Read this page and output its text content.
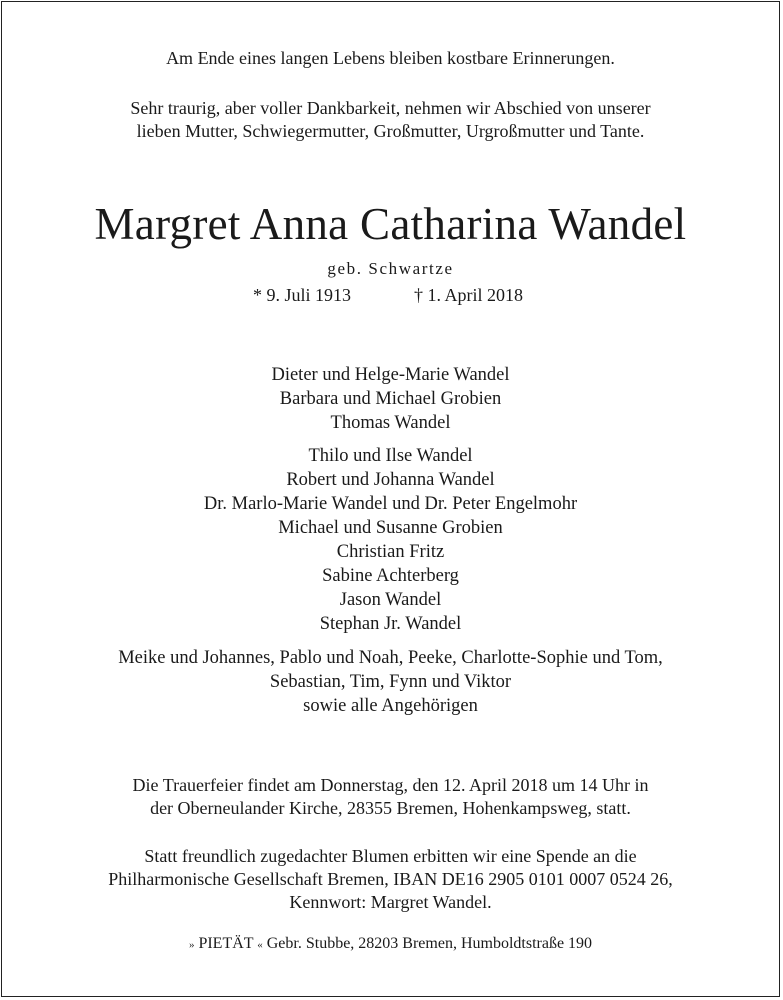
Am Ende eines langen Lebens bleiben kostbare Erinnerungen.
Sehr traurig, aber voller Dankbarkeit, nehmen wir Abschied von unserer
lieben Mutter, Schwiegermutter, Großmutter, Urgroßmutter und Tante.
Margret Anna Catharina Wandel
geb. Schwartze
* 9. Juli 1913	† 1. April 2018
Dieter und Helge-Marie Wandel
Barbara und Michael Grobien
Thomas Wandel
Thilo und Ilse Wandel
Robert und Johanna Wandel
Dr. Marlo-Marie Wandel und Dr. Peter Engelmohr
Michael und Susanne Grobien
Christian Fritz
Sabine Achterberg
Jason Wandel
Stephan Jr. Wandel
Meike und Johannes, Pablo und Noah, Peeke, Charlotte-Sophie und Tom,
Sebastian, Tim, Fynn und Viktor
sowie alle Angehörigen
Die Trauerfeier findet am Donnerstag, den 12. April 2018 um 14 Uhr in
der Oberneulander Kirche, 28355 Bremen, Hohenkampsweg, statt.
Statt freundlich zugedachter Blumen erbitten wir eine Spende an die
Philharmonische Gesellschaft Bremen, IBAN DE16 2905 0101 0007 0524 26,
Kennwort: Margret Wandel.
» PIETÄT « Gebr. Stubbe, 28203 Bremen, Humboldtstraße 190
